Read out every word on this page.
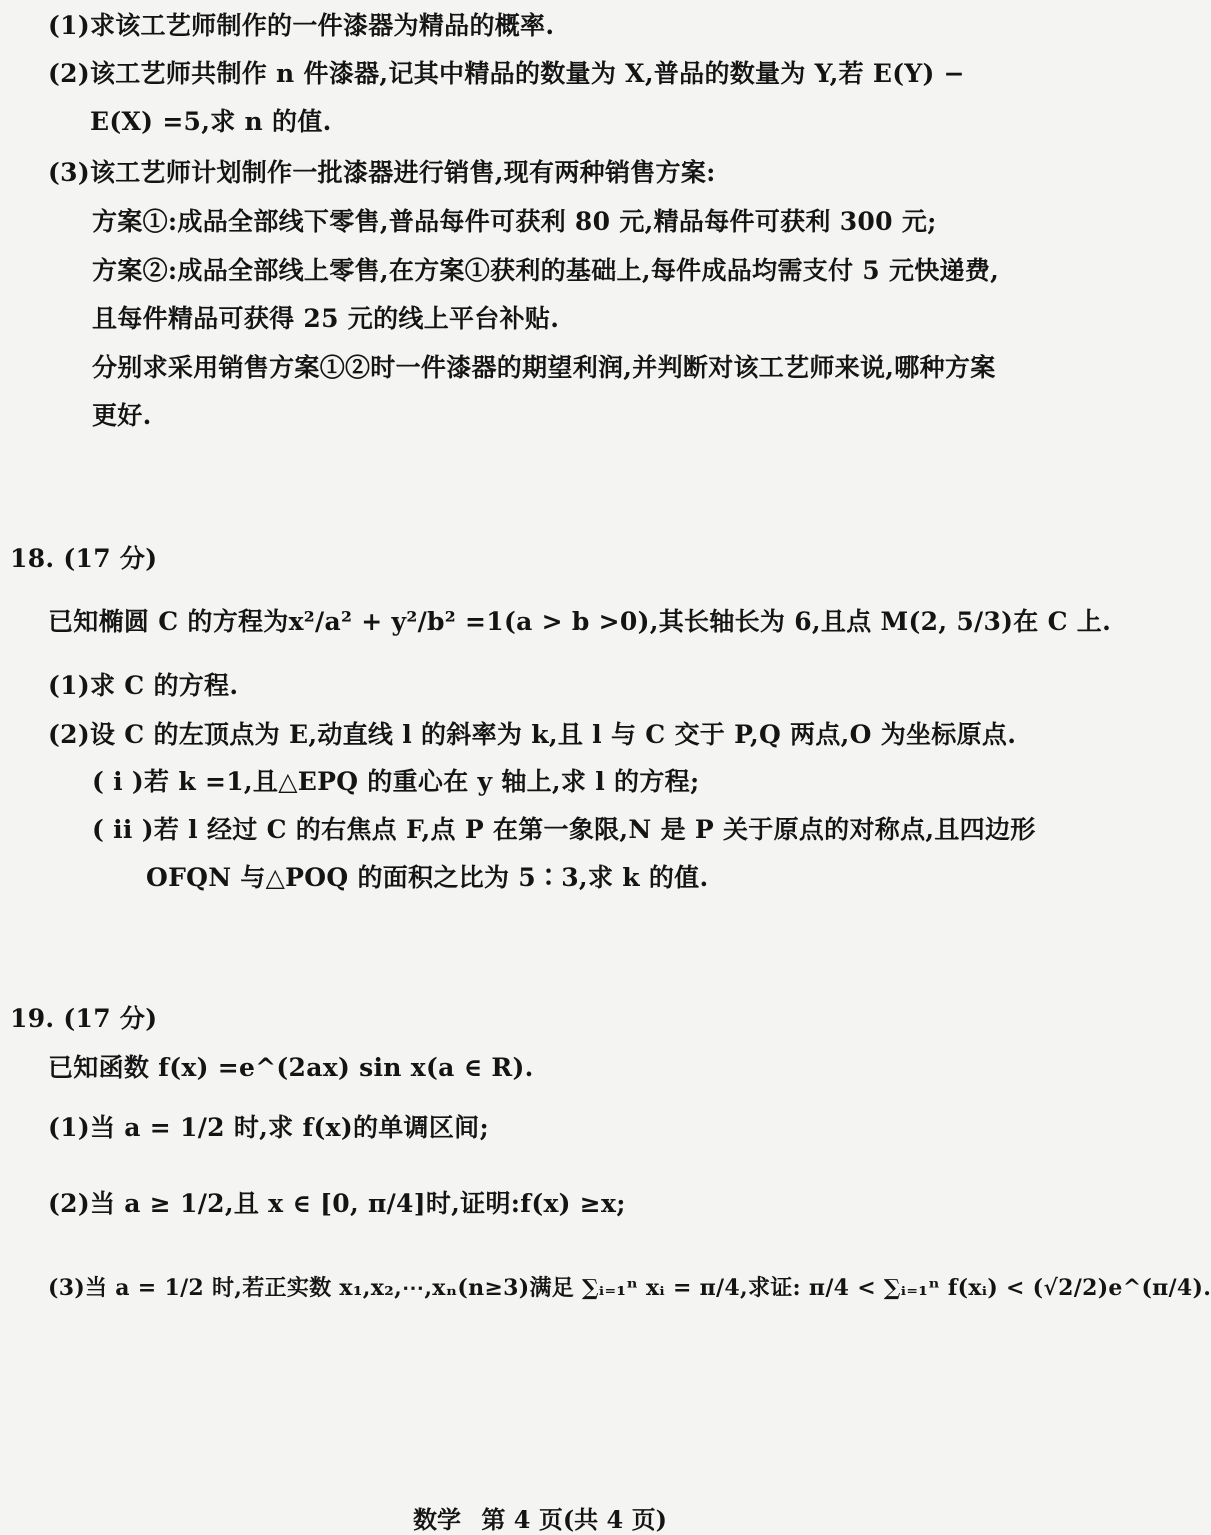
(1)求该工艺师制作的一件漆器为精品的概率.
(2)该工艺师共制作 n 件漆器,记其中精品的数量为 X,普品的数量为 Y,若 E(Y) −
E(X) =5,求 n 的值.
(3)该工艺师计划制作一批漆器进行销售,现有两种销售方案:
方案①:成品全部线下零售,普品每件可获利 80 元,精品每件可获利 300 元;
方案②:成品全部线上零售,在方案①获利的基础上,每件成品均需支付 5 元快递费,
且每件精品可获得 25 元的线上平台补贴.
分别求采用销售方案①②时一件漆器的期望利润,并判断对该工艺师来说,哪种方案
更好.
18. (17 分)
已知椭圆 C 的方程为x²/a² + y²/b² =1(a > b >0),其长轴长为 6,且点 M(2, 5/3)在 C 上.
(1)求 C 的方程.
(2)设 C 的左顶点为 E,动直线 l 的斜率为 k,且 l 与 C 交于 P,Q 两点,O 为坐标原点.
( i )若 k =1,且△EPQ 的重心在 y 轴上,求 l 的方程;
( ii )若 l 经过 C 的右焦点 F,点 P 在第一象限,N 是 P 关于原点的对称点,且四边形
OFQN 与△POQ 的面积之比为 5∶3,求 k 的值.
19. (17 分)
已知函数 f(x) =e^(2ax) sin x(a ∈ R).
(1)当 a = 1/2 时,求 f(x)的单调区间;
(2)当 a ≥ 1/2,且 x ∈ [0, π/4]时,证明:f(x) ≥x;
(3)当 a = 1/2 时,若正实数 x₁,x₂,⋯,xₙ(n≥3)满足 ∑ᵢ₌₁ⁿ xᵢ = π/4,求证: π/4 < ∑ᵢ₌₁ⁿ f(xᵢ) < (√2/2)e^(π/4).
数学 第 4 页(共 4 页)
